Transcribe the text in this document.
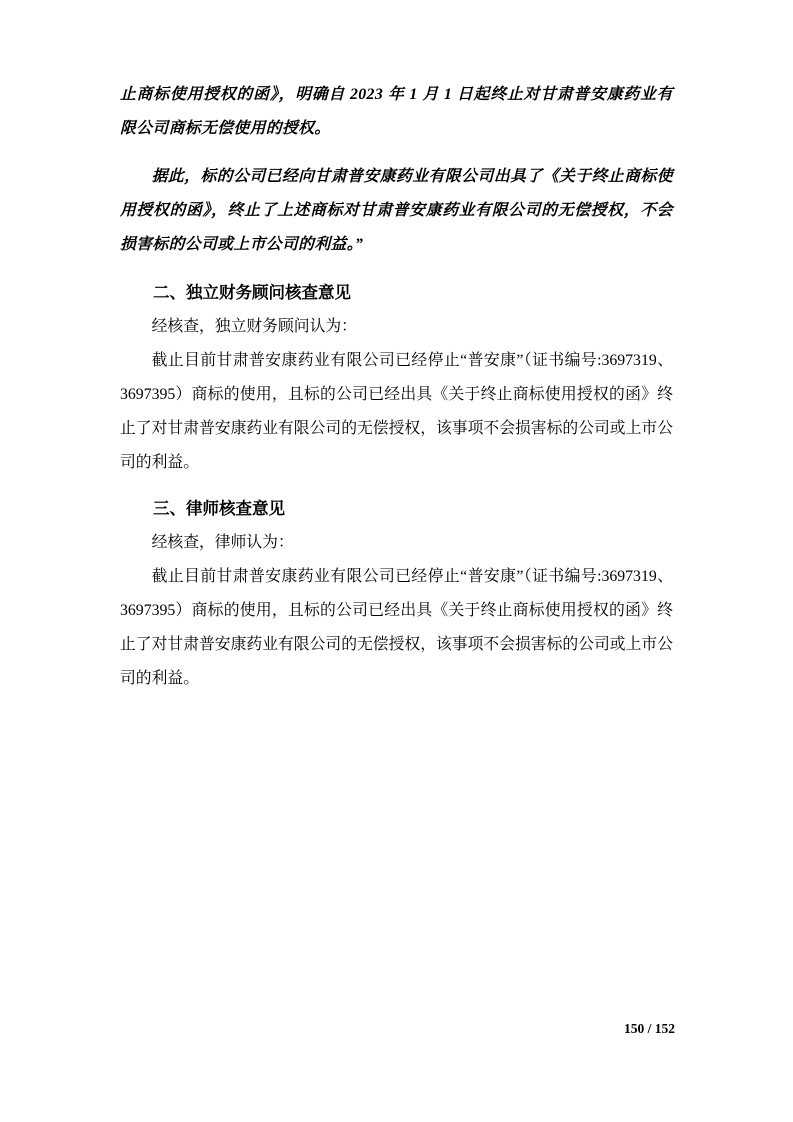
止商标使用授权的函》，明确自 2023 年 1 月 1 日起终止对甘肃普安康药业有限公司商标无偿使用的授权。

据此，标的公司已经向甘肃普安康药业有限公司出具了《关于终止商标使用授权的函》，终止了上述商标对甘肃普安康药业有限公司的无偿授权，不会损害标的公司或上市公司的利益。”

二、独立财务顾问核查意见

经核查，独立财务顾问认为：

截止目前甘肃普安康药业有限公司已经停止“普安康”（证书编号:3697319、3697395）商标的使用，且标的公司已经出具《关于终止商标使用授权的函》终止了对甘肃普安康药业有限公司的无偿授权，该事项不会损害标的公司或上市公司的利益。

三、律师核查意见

经核查，律师认为：

截止目前甘肃普安康药业有限公司已经停止“普安康”（证书编号:3697319、3697395）商标的使用，且标的公司已经出具《关于终止商标使用授权的函》终止了对甘肃普安康药业有限公司的无偿授权，该事项不会损害标的公司或上市公司的利益。

150 / 152
